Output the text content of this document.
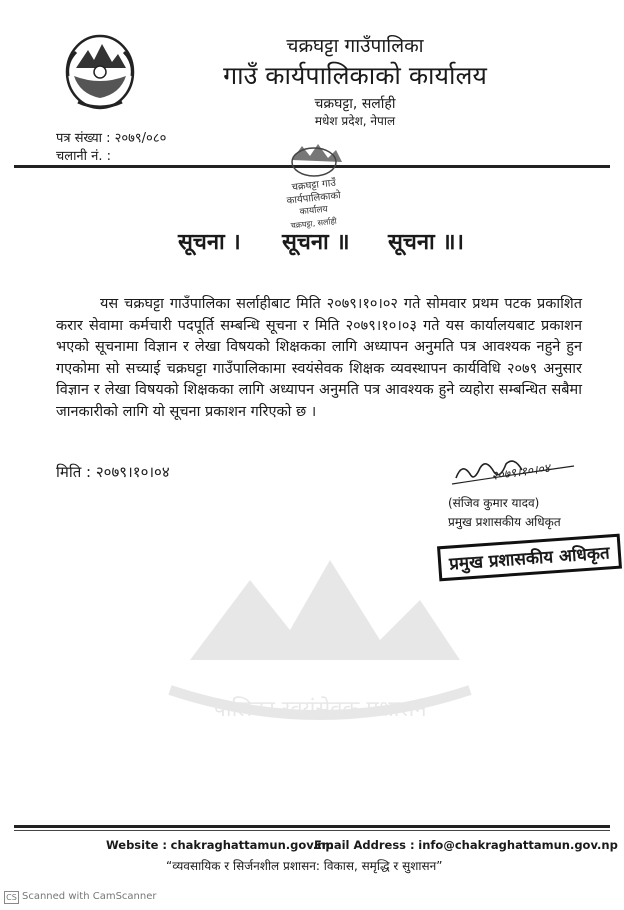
चक्रघट्टा गाउँपालिका
गाउँ कार्यपालिकाको कार्यालय
चक्रघट्टा, सर्लाही
मधेश प्रदेश, नेपाल
पत्र संख्या : २०७९/०८०
चलानी नं. :
चक्रघट्टा गाउँ
कार्यपालिकाको
कार्यालय
चक्रघट्टा, सर्लाही
सूचना । सूचना ॥ सूचना ॥।
यस चक्रघट्टा गाउँपालिका सर्लाहीबाट मिति २०७९।१०।०२ गते सोमवार प्रथम पटक प्रकाशित करार सेवामा कर्मचारी पदपूर्ति सम्बन्धि सूचना र मिति २०७९।१०।०३ गते यस कार्यालयबाट प्रकाशन भएको सूचनामा विज्ञान र लेखा विषयको शिक्षकका लागि अध्यापन अनुमति पत्र आवश्यक नहुने हुन गएकोमा सो सच्याई चक्रघट्टा गाउँपालिकामा स्वयंसेवक शिक्षक व्यवस्थापन कार्यविधि २०७९ अनुसार विज्ञान र लेखा विषयको शिक्षकका लागि अध्यापन अनुमति पत्र आवश्यक हुने व्यहोरा सम्बन्धित सबैमा जानकारीको लागि यो सूचना प्रकाशन गरिएको छ ।
मिति : २०७९।१०।०४	२०७९।१०।०४
(संजिव कुमार यादव)
प्रमुख प्रशासकीय अधिकृत
प्रमुख प्रशासकीय अधिकृत
पालिका स्वयंसेवक प्रशासन
Website : chakraghattamun.gov.np
Email Address : info@chakraghattamun.gov.np
“व्यवसायिक र सिर्जनशील प्रशासन: विकास, समृद्धि र सुशासन”
CS Scanned with CamScanner
